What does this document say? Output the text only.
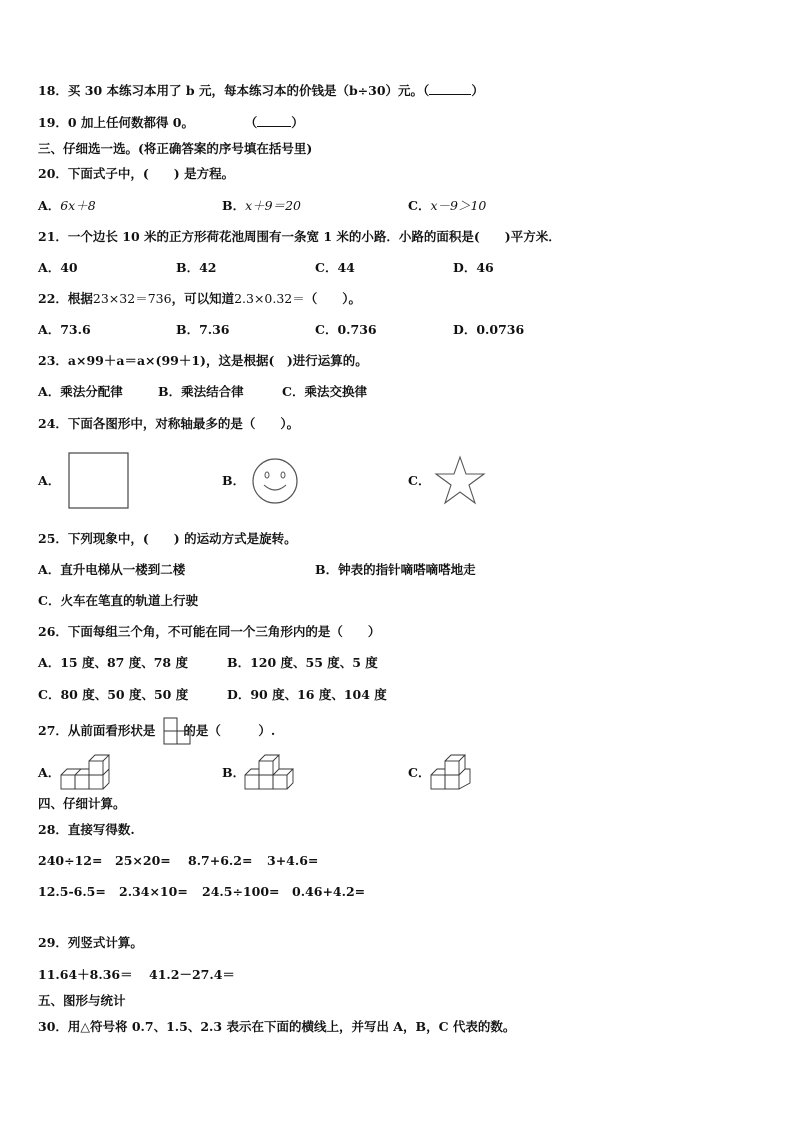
18．买 30 本练习本用了 b 元，每本练习本的价钱是（b÷30）元。（	）
19．0 加上任何数都得 0。	（	）
三、仔细选一选。(将正确答案的序号填在括号里)
20．下面式子中，(　　) 是方程。
A．6x＋8	B．x＋9＝20	C．x－9＞10
21．一个边长 10 米的正方形荷花池周围有一条宽 1 米的小路．小路的面积是(　　)平方米．
A．40	B．42	C．44	D．46
22．根据23×32＝736，可以知道2.3×0.32＝（　　）。
A．73.6	B．7.36	C．0.736	D．0.0736
23．a×99＋a＝a×(99＋1)，这是根据(　)进行运算的。
A．乘法分配律	B．乘法结合律	C．乘法交换律
24．下面各图形中，对称轴最多的是（　　）。
A．	B．	C．
25．下列现象中，(　　) 的运动方式是旋转。
A．直升电梯从一楼到二楼	B．钟表的指针嘀嗒嘀嗒地走
C．火车在笔直的轨道上行驶
26．下面每组三个角，不可能在同一个三角形内的是（　　）
A．15 度、87 度、78 度	B．120 度、55 度、5 度
C．80 度、50 度、50 度	D．90 度、16 度、104 度
27．从前面看形状是 的是（　　　）.
A．	B．	C．
四、仔细计算。
28．直接写得数.
240÷12= 25×20= 8.7+6.2= 3+4.6=
12.5-6.5= 2.34×10= 24.5÷100= 0.46+4.2=
29．列竖式计算。
11.64＋8.36＝ 41.2－27.4＝
五、图形与统计
30．用△符号将 0.7、1.5、2.3 表示在下面的横线上，并写出 A，B，C 代表的数。
